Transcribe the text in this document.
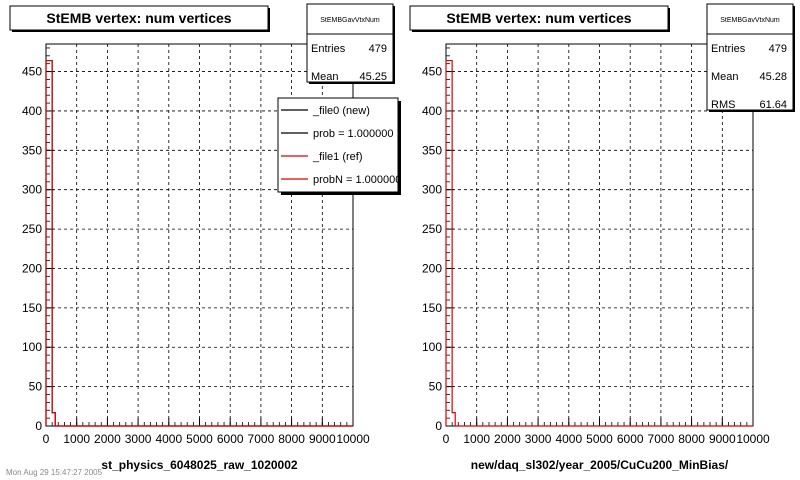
0 1000 2000 3000 4000 5000 6000 7000 8000 9000 10000
0
50
100
150
200
250
300
350
400
450
StEMB vertex: num vertices
st_physics_6048025_raw_1020002
StEMBGavVtxNum
Entries 479
Mean 45.25
_file0 (new)
prob = 1.000000
_file1 (ref)
probN = 1.000000
0 1000 2000 3000 4000 5000 6000 7000 8000 9000 10000
0
50
100
150
200
250
300
350
400
450
StEMB vertex: num vertices
new/daq_sl302/year_2005/CuCu200_MinBias/
StEMBGavVtxNum
Entries 479
Mean 45.28
RMS 61.64
Mon Aug 29 15:47:27 2005
